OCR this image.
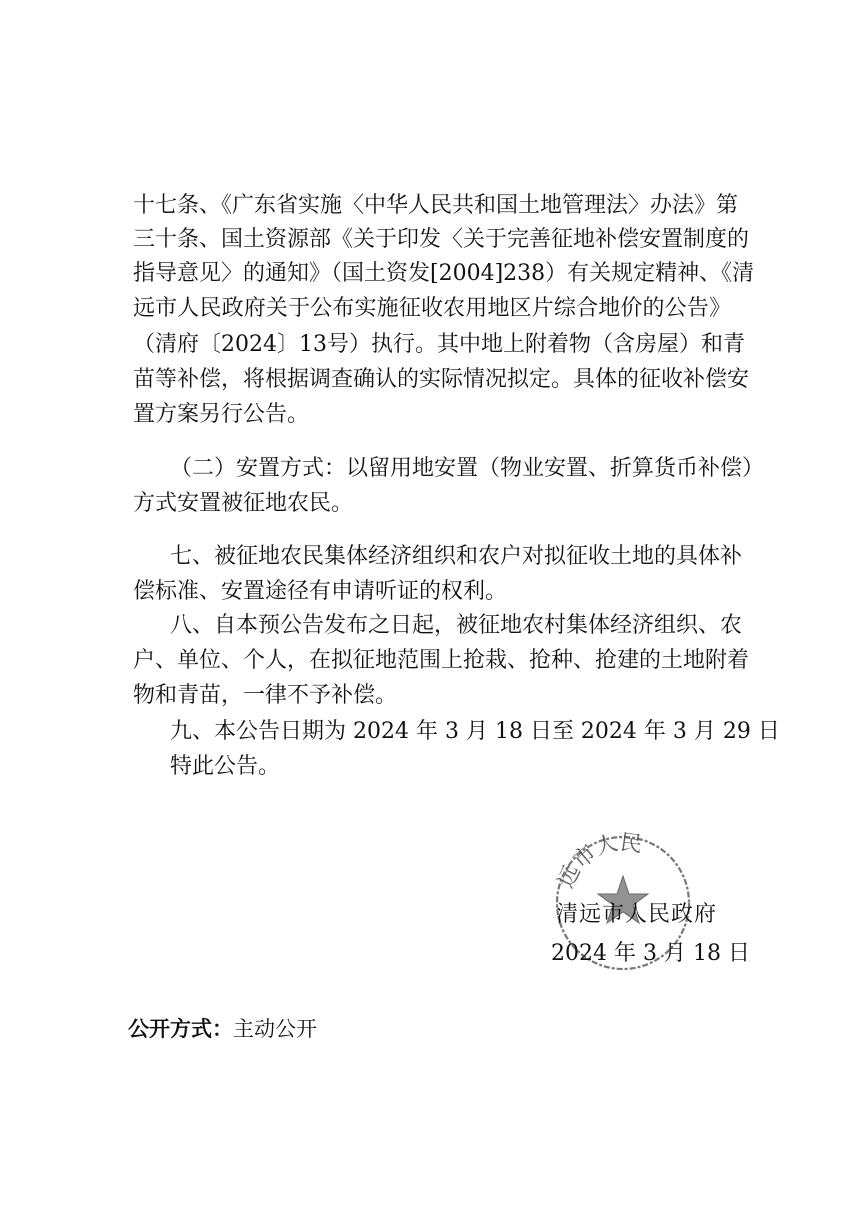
十七条、《广东省实施〈中华人民共和国土地管理法〉办法》第
三十条、国土资源部《关于印发〈关于完善征地补偿安置制度的
指导意见〉的通知》（国土资发[2004]238）有关规定精神、《清
远市人民政府关于公布实施征收农用地区片综合地价的公告》
（清府〔2024〕13号）执行。其中地上附着物（含房屋）和青
苗等补偿，将根据调查确认的实际情况拟定。具体的征收补偿安
置方案另行公告。
（二）安置方式：以留用地安置（物业安置、折算货币补偿）
方式安置被征地农民。
七、被征地农民集体经济组织和农户对拟征收土地的具体补
偿标准、安置途径有申请听证的权利。
八、自本预公告发布之日起，被征地农村集体经济组织、农
户、单位、个人，在拟征地范围上抢栽、抢种、抢建的土地附着
物和青苗，一律不予补偿。
九、本公告日期为 2024 年 3 月 18 日至 2024 年 3 月 29 日
特此公告。
远市人民
清远市人民政府
2024 年 3 月 18 日
公开方式：主动公开
